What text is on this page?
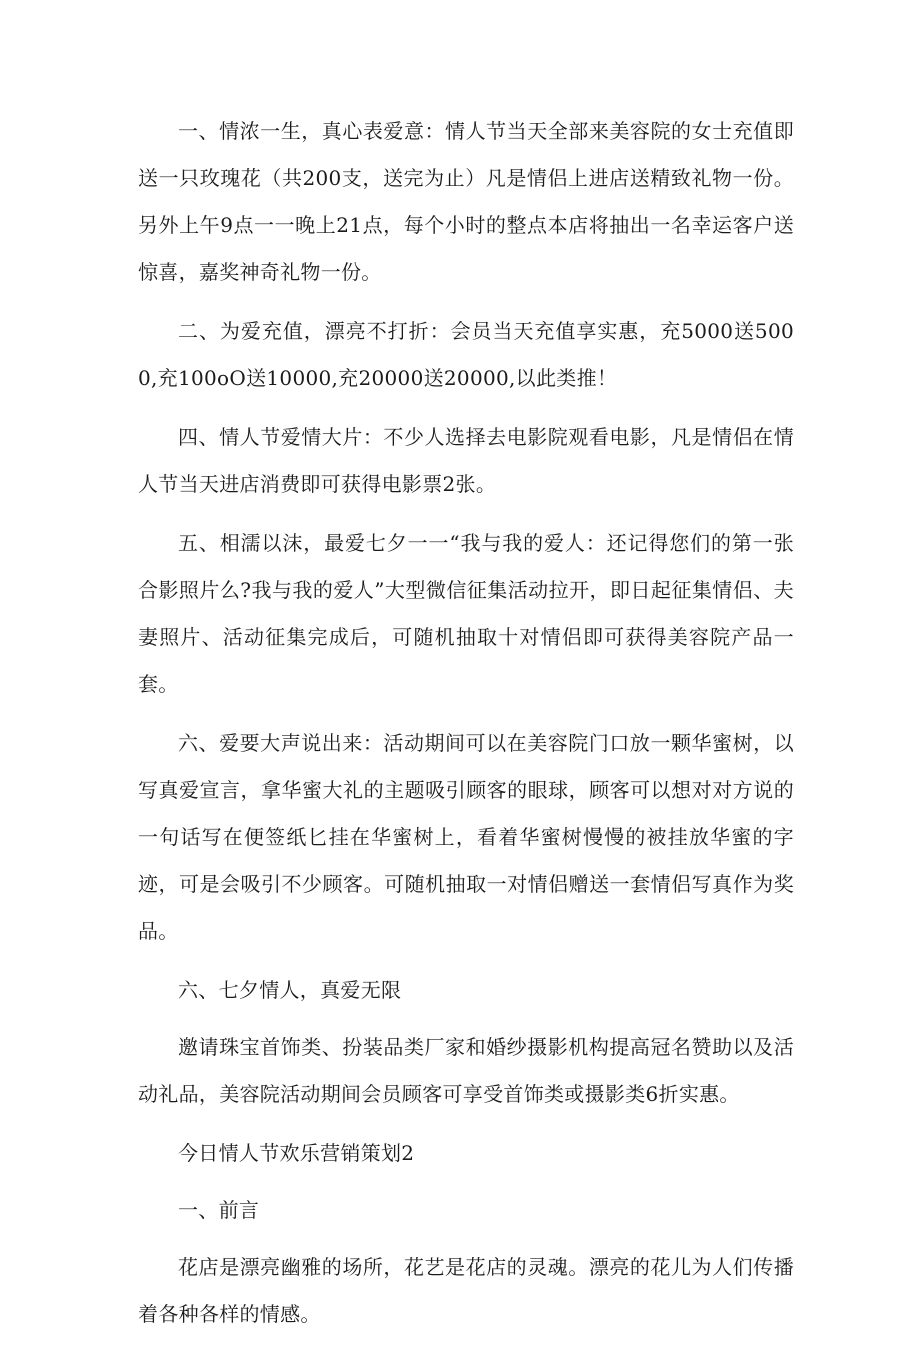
一、情浓一生，真心表爱意：情人节当天全部来美容院的女士充值即送一只玫瑰花（共200支，送完为止）凡是情侣上进店送精致礼物一份。另外上午9点一一晚上21点，每个小时的整点本店将抽出一名幸运客户送惊喜，嘉奖神奇礼物一份。

二、为爱充值，漂亮不打折：会员当天充值享实惠，充5000送5000,充100oO送10000,充20000送20000,以此类推！

四、情人节爱情大片：不少人选择去电影院观看电影，凡是情侣在情人节当天进店消费即可获得电影票2张。

五、相濡以沫，最爱七夕一一“我与我的爱人：还记得您们的第一张合影照片么?我与我的爱人”大型微信征集活动拉开，即日起征集情侣、夫妻照片、活动征集完成后，可随机抽取十对情侣即可获得美容院产品一套。

六、爱要大声说出来：活动期间可以在美容院门口放一颗华蜜树，以写真爱宣言，拿华蜜大礼的主题吸引顾客的眼球，顾客可以想对对方说的一句话写在便签纸匕挂在华蜜树上，看着华蜜树慢慢的被挂放华蜜的字迹，可是会吸引不少顾客。可随机抽取一对情侣赠送一套情侣写真作为奖品。

六、七夕情人，真爱无限

邀请珠宝首饰类、扮装品类厂家和婚纱摄影机构提高冠名赞助以及活动礼品，美容院活动期间会员顾客可享受首饰类或摄影类6折实惠。

今日情人节欢乐营销策划2

一、前言

花店是漂亮幽雅的场所，花艺是花店的灵魂。漂亮的花儿为人们传播着各种各样的情感。
